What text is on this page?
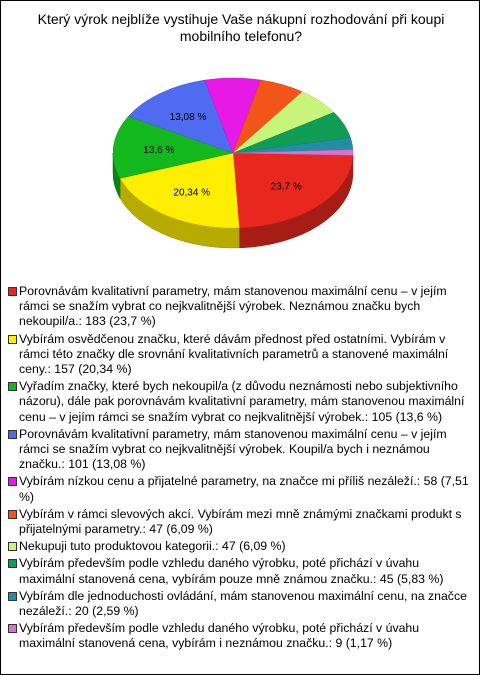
Který výrok nejblíže vystihuje Vaše nákupní rozhodování při koupi mobilního telefonu?
23,7 %
20,34 %
13,6 %
13,08 %
Porovnávám kvalitativní parametry, mám stanovenou maximální cenu – v jejím rámci se snažím vybrat co nejkvalitnější výrobek. Neznámou značku bych nekoupil/a.: 183 (23,7 %)
Vybírám osvědčenou značku, které dávám přednost před ostatními. Vybírám v rámci této značky dle srovnání kvalitativních parametrů a stanovené maximální ceny.: 157 (20,34 %)
Vyřadím značky, které bych nekoupil/a (z důvodu neznámosti nebo subjektivního názoru), dále pak porovnávám kvalitativní parametry, mám stanovenou maximální cenu – v jejím rámci se snažím vybrat co nejkvalitnější výrobek.: 105 (13,6 %)
Porovnávám kvalitativní parametry, mám stanovenou maximální cenu – v jejím rámci se snažím vybrat co nejkvalitnější výrobek. Koupil/a bych i neznámou značku.: 101 (13,08 %)
Vybírám nízkou cenu a přijatelné parametry, na značce mi příliš nezáleží.: 58 (7,51 %)
Vybírám v rámci slevových akcí. Vybírám mezi mně známými značkami produkt s přijatelnými parametry.: 47 (6,09 %)
Nekupuji tuto produktovou kategorii.: 47 (6,09 %)
Vybírám především podle vzhledu daného výrobku, poté přichází v úvahu maximální stanovená cena, vybírám pouze mně známou značku.: 45 (5,83 %)
Vybírám dle jednoduchosti ovládání, mám stanovenou maximální cenu, na značce nezáleží.: 20 (2,59 %)
Vybírám především podle vzhledu daného výrobku, poté přichází v úvahu maximální stanovená cena, vybírám i neznámou značku.: 9 (1,17 %)
